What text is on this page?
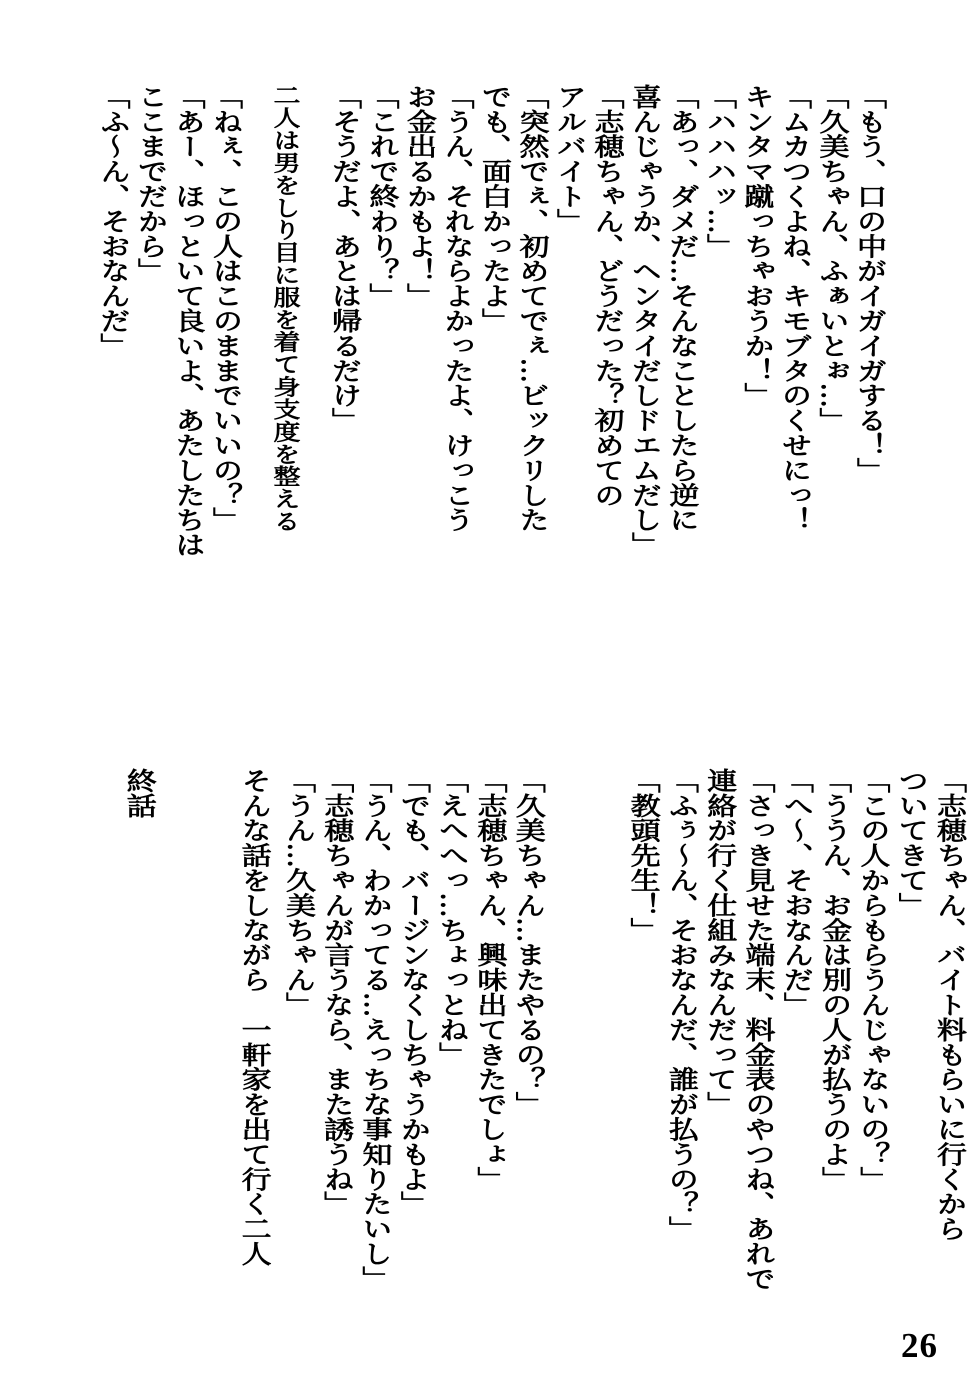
「もう、口の中がイガイガする！」

「久美ちゃん、ふぁいとぉ…」

「ムカつくよね、キモブタのくせにっ！

キンタマ蹴っちゃおうか！」

「ハハハッ…」

「あっ、ダメだ…そんなことしたら逆に

喜んじゃうか、ヘンタイだしドエムだし」

「志穂ちゃん、どうだった？初めての

アルバイト」

「突然でぇ、初めてでぇ…ビックリした

でも、面白かったよ」

「うん、それならよかったよ、けっこう

お金出るかもよ！」

「これで終わり？」

「そうだよ、あとは帰るだけ」

二人は男をしり目に服を着て身支度を整える

「ねぇ、この人はこのままでいいの？」

「あー、ほっといて良いよ、あたしたちは

ここまでだから」

「ふ〜ん、そおなんだ」

「志穂ちゃん、バイト料もらいに行くから

ついてきて」

「この人からもらうんじゃないの？」

「ううん、お金は別の人が払うのよ」

「へ〜、そおなんだ」

「さっき見せた端末、料金表のやつね、あれで

連絡が行く仕組みなんだって」

「ふぅ〜ん、そおなんだ、誰が払うの？」

「教頭先生！」

「久美ちゃん…またやるの？」

「志穂ちゃん、興味出てきたでしょ」

「えへへっ…ちょっとね」

「でも、バージンなくしちゃうかもよ」

「うん、わかってる…えっちな事知りたいし」

「志穂ちゃんが言うなら、また誘うね」

「うん…久美ちゃん」

そんな話をしながら　一軒家を出て行く二人

終話

26
